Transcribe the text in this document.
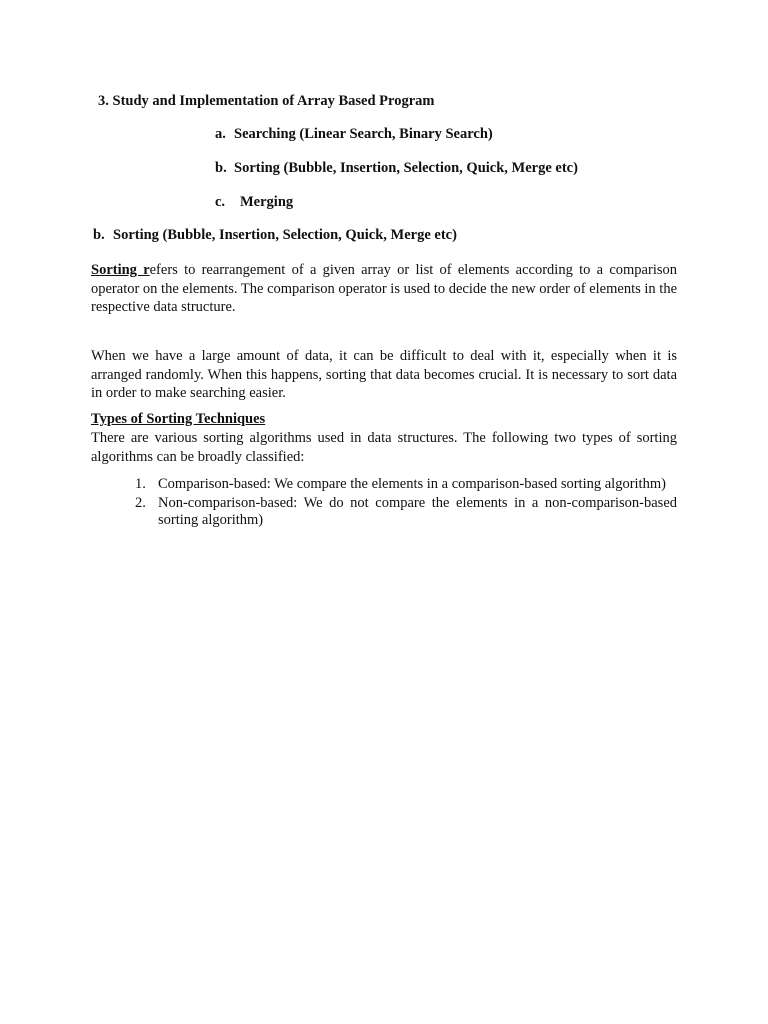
3. Study and Implementation of Array Based Program
a. Searching (Linear Search, Binary Search)
b. Sorting (Bubble, Insertion, Selection, Quick, Merge etc)
c. Merging
b. Sorting (Bubble, Insertion, Selection, Quick, Merge etc)

Sorting refers to rearrangement of a given array or list of elements according to a comparison operator on the elements. The comparison operator is used to decide the new order of elements in the respective data structure.

When we have a large amount of data, it can be difficult to deal with it, especially when it is arranged randomly. When this happens, sorting that data becomes crucial. It is necessary to sort data in order to make searching easier.

Types of Sorting Techniques

There are various sorting algorithms used in data structures. The following two types of sorting algorithms can be broadly classified:

1. Comparison-based: We compare the elements in a comparison-based sorting algorithm)
2. Non-comparison-based: We do not compare the elements in a non-comparison-based sorting algorithm)
